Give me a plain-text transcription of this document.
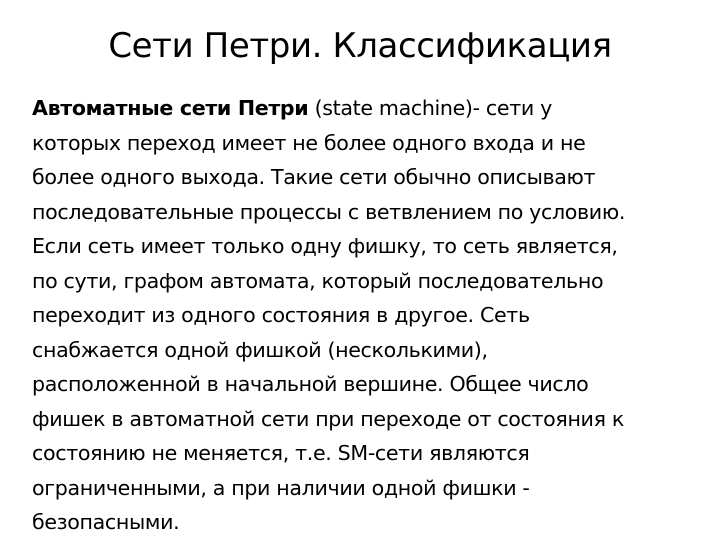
Сети Петри. Классификация

Автоматные сети Петри (state machine)- сети у
которых переход имеет не более одного входа и не
более одного выхода. Такие сети обычно описывают
последовательные процессы с ветвлением по условию.
Если сеть имеет только одну фишку, то сеть является,
по сути, графом автомата, который последовательно
переходит из одного состояния в другое. Сеть
снабжается одной фишкой (несколькими),
расположенной в начальной вершине. Общее число
фишек в автоматной сети при переходе от состояния к
состоянию не меняется, т.е. SM-сети являются
ограниченными, а при наличии одной фишки -
безопасными.
